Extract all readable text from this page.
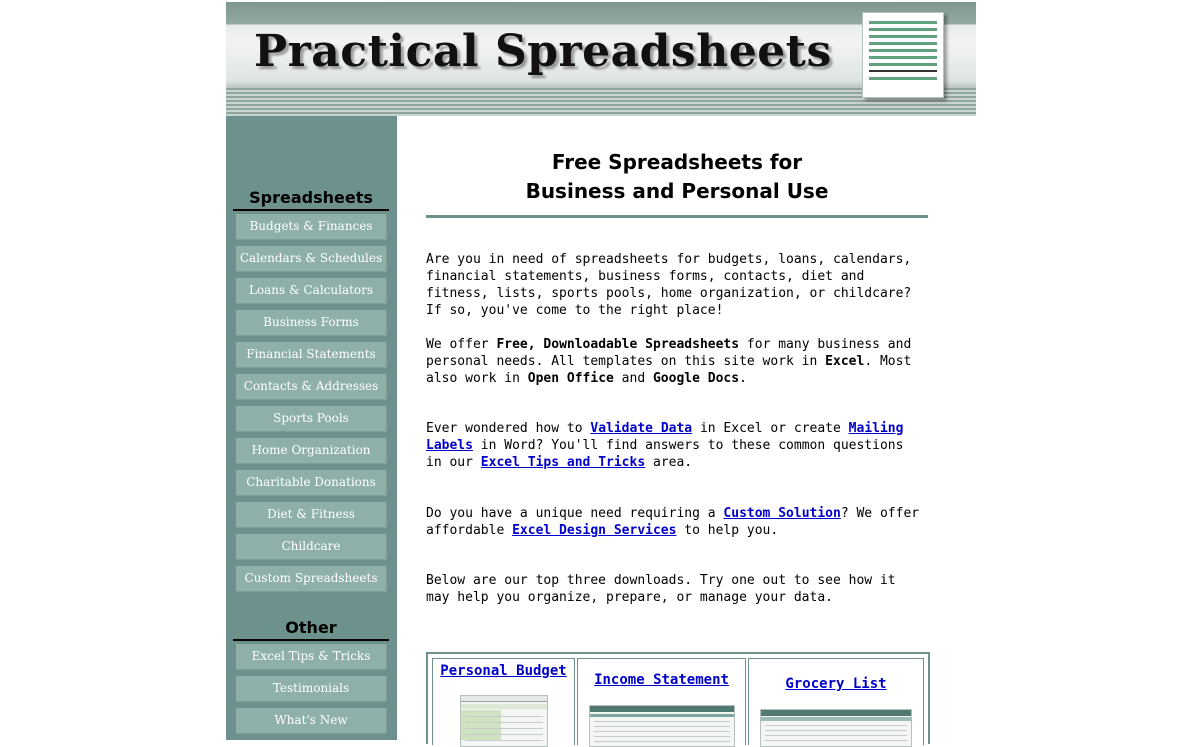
Practical Spreadsheets
Spreadsheets
Budgets & Finances
Calendars & Schedules
Loans & Calculators
Business Forms
Financial Statements
Contacts & Addresses
Sports Pools
Home Organization
Charitable Donations
Diet & Fitness
Childcare
Custom Spreadsheets
Other
Excel Tips & Tricks
Testimonials
What's New
Free Spreadsheets for
Business and Personal Use
Are you in need of spreadsheets for budgets, loans, calendars, financial statements, business forms, contacts, diet and fitness, lists, sports pools, home organization, or childcare? If so, you've come to the right place!
We offer Free, Downloadable Spreadsheets for many business and personal needs. All templates on this site work in Excel. Most also work in Open Office and Google Docs.
Ever wondered how to Validate Data in Excel or create Mailing Labels in Word? You'll find answers to these common questions in our Excel Tips and Tricks area.
Do you have a unique need requiring a Custom Solution? We offer affordable Excel Design Services to help you.
Below are our top three downloads. Try one out to see how it may help you organize, prepare, or manage your data.
Personal Budget
Income Statement	Grocery List
